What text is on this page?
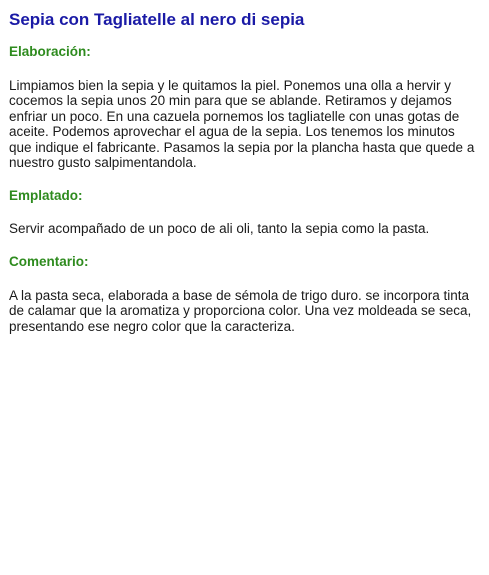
Sepia con Tagliatelle al nero di sepia
Elaboración:

Limpiamos bien la sepia y le quitamos la piel. Ponemos una olla a hervir y cocemos la sepia unos 20 min para que se ablande. Retiramos y dejamos enfriar un poco. En una cazuela pornemos los tagliatelle con unas gotas de aceite. Podemos aprovechar el agua de la sepia. Los tenemos los minutos que indique el fabricante. Pasamos la sepia por la plancha hasta que quede a nuestro gusto salpimentandola.

Emplatado:

Servir acompañado de un poco de ali oli, tanto la sepia como la pasta.

Comentario:

A la pasta seca, elaborada a base de sémola de trigo duro. se incorpora tinta de calamar que la aromatiza y proporciona color. Una vez moldeada se seca, presentando ese negro color que la caracteriza.
